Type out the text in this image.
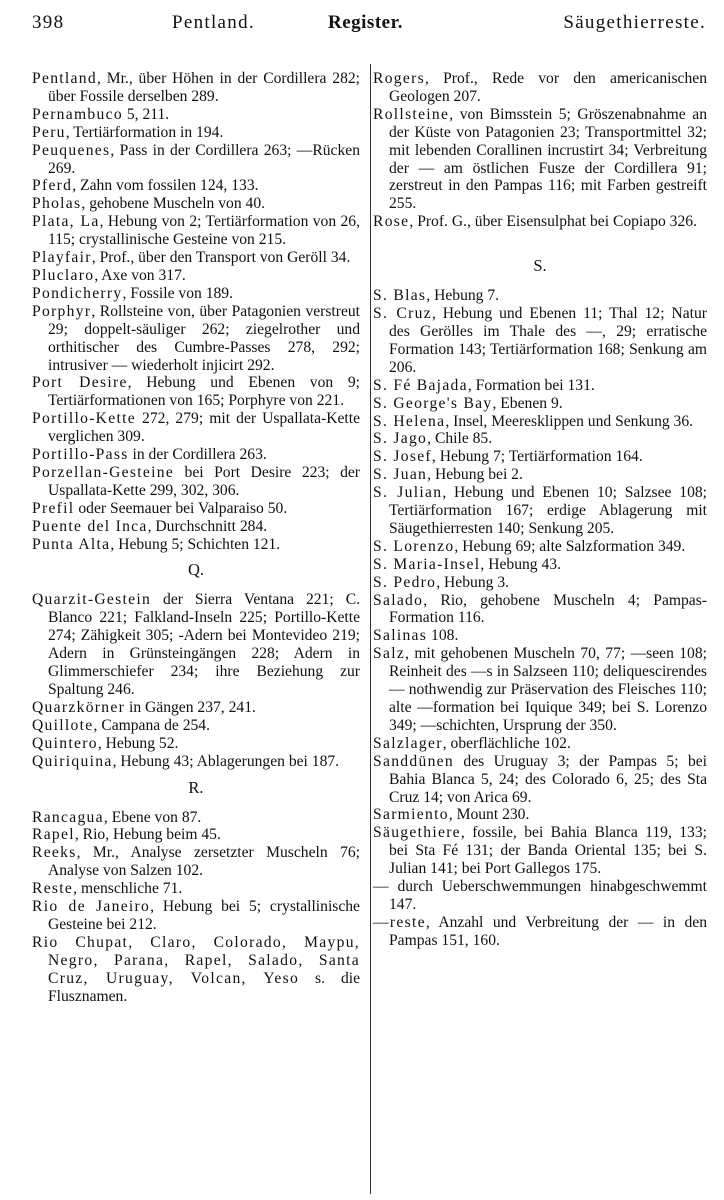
398	Pentland.	Register.	Säugethierreste.

Pentland, Mr., über Höhen in der Cordillera 282; über Fossile derselben 289.

Pernambuco 5, 211.

Peru, Tertiärformation in 194.

Peuquenes, Pass in der Cordillera 263; —Rücken 269.

Pferd, Zahn vom fossilen 124, 133.

Pholas, gehobene Muscheln von 40.

Plata, La, Hebung von 2; Tertiärformation von 26, 115; crystallinische Gesteine von 215.

Playfair, Prof., über den Transport von Geröll 34.

Pluclaro, Axe von 317.

Pondicherry, Fossile von 189.

Porphyr, Rollsteine von, über Patagonien verstreut 29; doppelt-säuliger 262; ziegelrother und orthitischer des Cumbre-Passes 278, 292; intrusiver — wiederholt injicirt 292.

Port Desire, Hebung und Ebenen von 9; Tertiärformationen von 165; Porphyre von 221.

Portillo-Kette 272, 279; mit der Uspallata-Kette verglichen 309.

Portillo-Pass in der Cordillera 263.

Porzellan-Gesteine bei Port Desire 223; der Uspallata-Kette 299, 302, 306.

Prefil oder Seemauer bei Valparaiso 50.

Puente del Inca, Durchschnitt 284.

Punta Alta, Hebung 5; Schichten 121.

Q.

Quarzit-Gestein der Sierra Ventana 221; C. Blanco 221; Falkland-Inseln 225; Portillo-Kette 274; Zähigkeit 305; -Adern bei Montevideo 219; Adern in Grünsteingängen 228; Adern in Glimmerschiefer 234; ihre Beziehung zur Spaltung 246.

Quarzkörner in Gängen 237, 241.

Quillote, Campana de 254.

Quintero, Hebung 52.

Quiriquina, Hebung 43; Ablagerungen bei 187.

R.

Rancagua, Ebene von 87.

Rapel, Rio, Hebung beim 45.

Reeks, Mr., Analyse zersetzter Muscheln 76; Analyse von Salzen 102.

Reste, menschliche 71.

Rio de Janeiro, Hebung bei 5; crystallinische Gesteine bei 212.

Rio Chupat, Claro, Colorado, Maypu, Negro, Parana, Rapel, Salado, Santa Cruz, Uruguay, Volcan, Yeso s. die Flusznamen.

Rogers, Prof., Rede vor den americanischen Geologen 207.

Rollsteine, von Bimsstein 5; Gröszenabnahme an der Küste von Patagonien 23; Transportmittel 32; mit lebenden Corallinen incrustirt 34; Verbreitung der — am östlichen Fusze der Cordillera 91; zerstreut in den Pampas 116; mit Farben gestreift 255.

Rose, Prof. G., über Eisensulphat bei Copiapo 326.

S.

S. Blas, Hebung 7.

S. Cruz, Hebung und Ebenen 11; Thal 12; Natur des Gerölles im Thale des —, 29; erratische Formation 143; Tertiärformation 168; Senkung am 206.

S. Fé Bajada, Formation bei 131.

S. George's Bay, Ebenen 9.

S. Helena, Insel, Meeresklippen und Senkung 36.

S. Jago, Chile 85.

S. Josef, Hebung 7; Tertiärformation 164.

S. Juan, Hebung bei 2.

S. Julian, Hebung und Ebenen 10; Salzsee 108; Tertiärformation 167; erdige Ablagerung mit Säugethierresten 140; Senkung 205.

S. Lorenzo, Hebung 69; alte Salzformation 349.

S. Maria-Insel, Hebung 43.

S. Pedro, Hebung 3.

Salado, Rio, gehobene Muscheln 4; Pampas-Formation 116.

Salinas 108.

Salz, mit gehobenen Muscheln 70, 77; —seen 108; Reinheit des —s in Salzseen 110; deliquescirendes — nothwendig zur Präservation des Fleisches 110; alte —formation bei Iquique 349; bei S. Lorenzo 349; —schichten, Ursprung der 350.

Salzlager, oberflächliche 102.

Sanddünen des Uruguay 3; der Pampas 5; bei Bahia Blanca 5, 24; des Colorado 6, 25; des Sta Cruz 14; von Arica 69.

Sarmiento, Mount 230.

Säugethiere, fossile, bei Bahia Blanca 119, 133; bei Sta Fé 131; der Banda Oriental 135; bei S. Julian 141; bei Port Gallegos 175.

— durch Ueberschwemmungen hinabgeschwemmt 147.

—reste, Anzahl und Verbreitung der — in den Pampas 151, 160.
